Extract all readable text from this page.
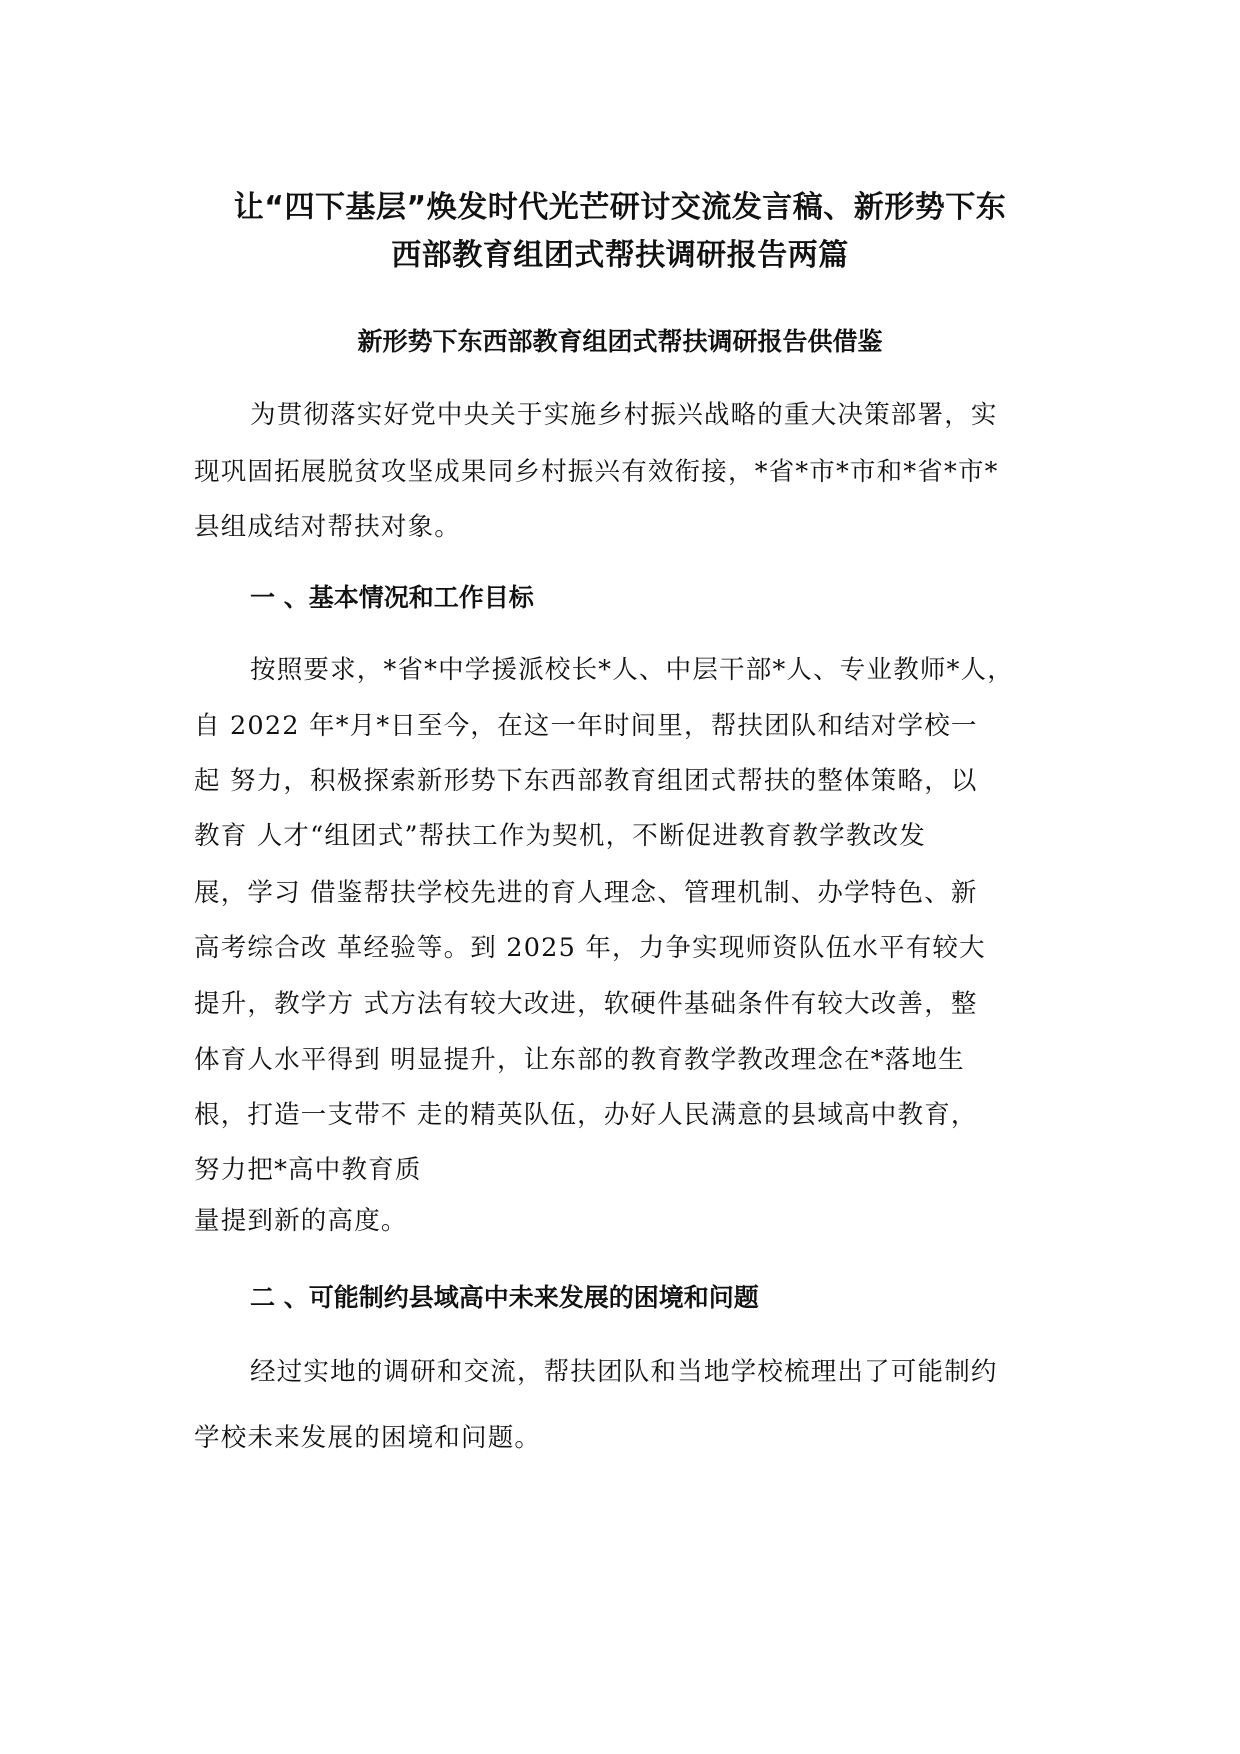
让“四下基层”焕发时代光芒研讨交流发言稿、新形势下东
西部教育组团式帮扶调研报告两篇
新形势下东西部教育组团式帮扶调研报告供借鉴

为贯彻落实好党中央关于实施乡村振兴战略的重大决策部署，实

现巩固拓展脱贫攻坚成果同乡村振兴有效衔接，*省*市*市和*省*市*

县组成结对帮扶对象。

一 、基本情况和工作目标

按照要求，*省*中学援派校长*人、中层干部*人、专业教师*人，

自 2022 年*月*日至今，在这一年时间里，帮扶团队和结对学校一

起 努力，积极探索新形势下东西部教育组团式帮扶的整体策略，以

教育 人才“组团式”帮扶工作为契机，不断促进教育教学教改发

展，学习 借鉴帮扶学校先进的育人理念、管理机制、办学特色、新

高考综合改 革经验等。到 2025 年，力争实现师资队伍水平有较大

提升，教学方 式方法有较大改进，软硬件基础条件有较大改善，整

体育人水平得到 明显提升，让东部的教育教学教改理念在*落地生

根，打造一支带不 走的精英队伍，办好人民满意的县域高中教育，

努力把*高中教育质

量提到新的高度。

二 、可能制约县域高中未来发展的困境和问题

经过实地的调研和交流，帮扶团队和当地学校梳理出了可能制约

学校未来发展的困境和问题。
